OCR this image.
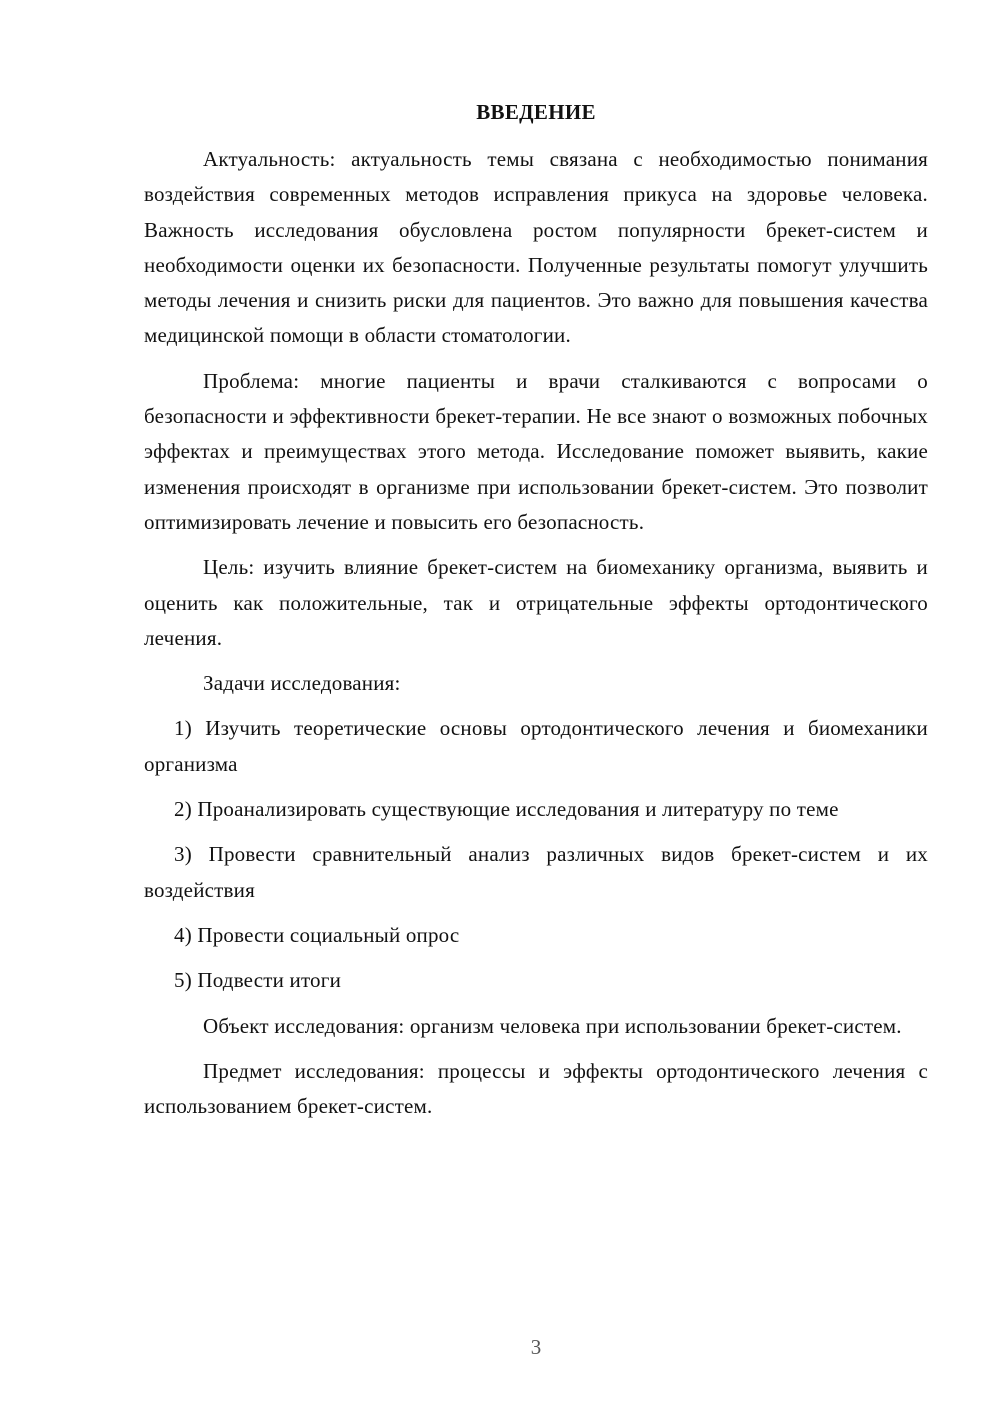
ВВЕДЕНИЕ

Актуальность: актуальность темы связана с необходимостью понимания воздействия современных методов исправления прикуса на здоровье человека. Важность исследования обусловлена ростом популярности брекет-систем и необходимости оценки их безопасности. Полученные результаты помогут улучшить методы лечения и снизить риски для пациентов. Это важно для повышения качества медицинской помощи в области стоматологии.

Проблема: многие пациенты и врачи сталкиваются с вопросами о безопасности и эффективности брекет-терапии. Не все знают о возможных побочных эффектах и преимуществах этого метода. Исследование поможет выявить, какие изменения происходят в организме при использовании брекет-систем. Это позволит оптимизировать лечение и повысить его безопасность.

Цель: изучить влияние брекет-систем на биомеханику организма, выявить и оценить как положительные, так и отрицательные эффекты ортодонтического лечения.

Задачи исследования:

1) Изучить теоретические основы ортодонтического лечения и биомеханики организма

2) Проанализировать существующие исследования и литературу по теме

3) Провести сравнительный анализ различных видов брекет-систем и их воздействия

4) Провести социальный опрос

5) Подвести итоги

Объект исследования: организм человека при использовании брекет-систем.

Предмет исследования: процессы и эффекты ортодонтического лечения с использованием брекет-систем.

3
